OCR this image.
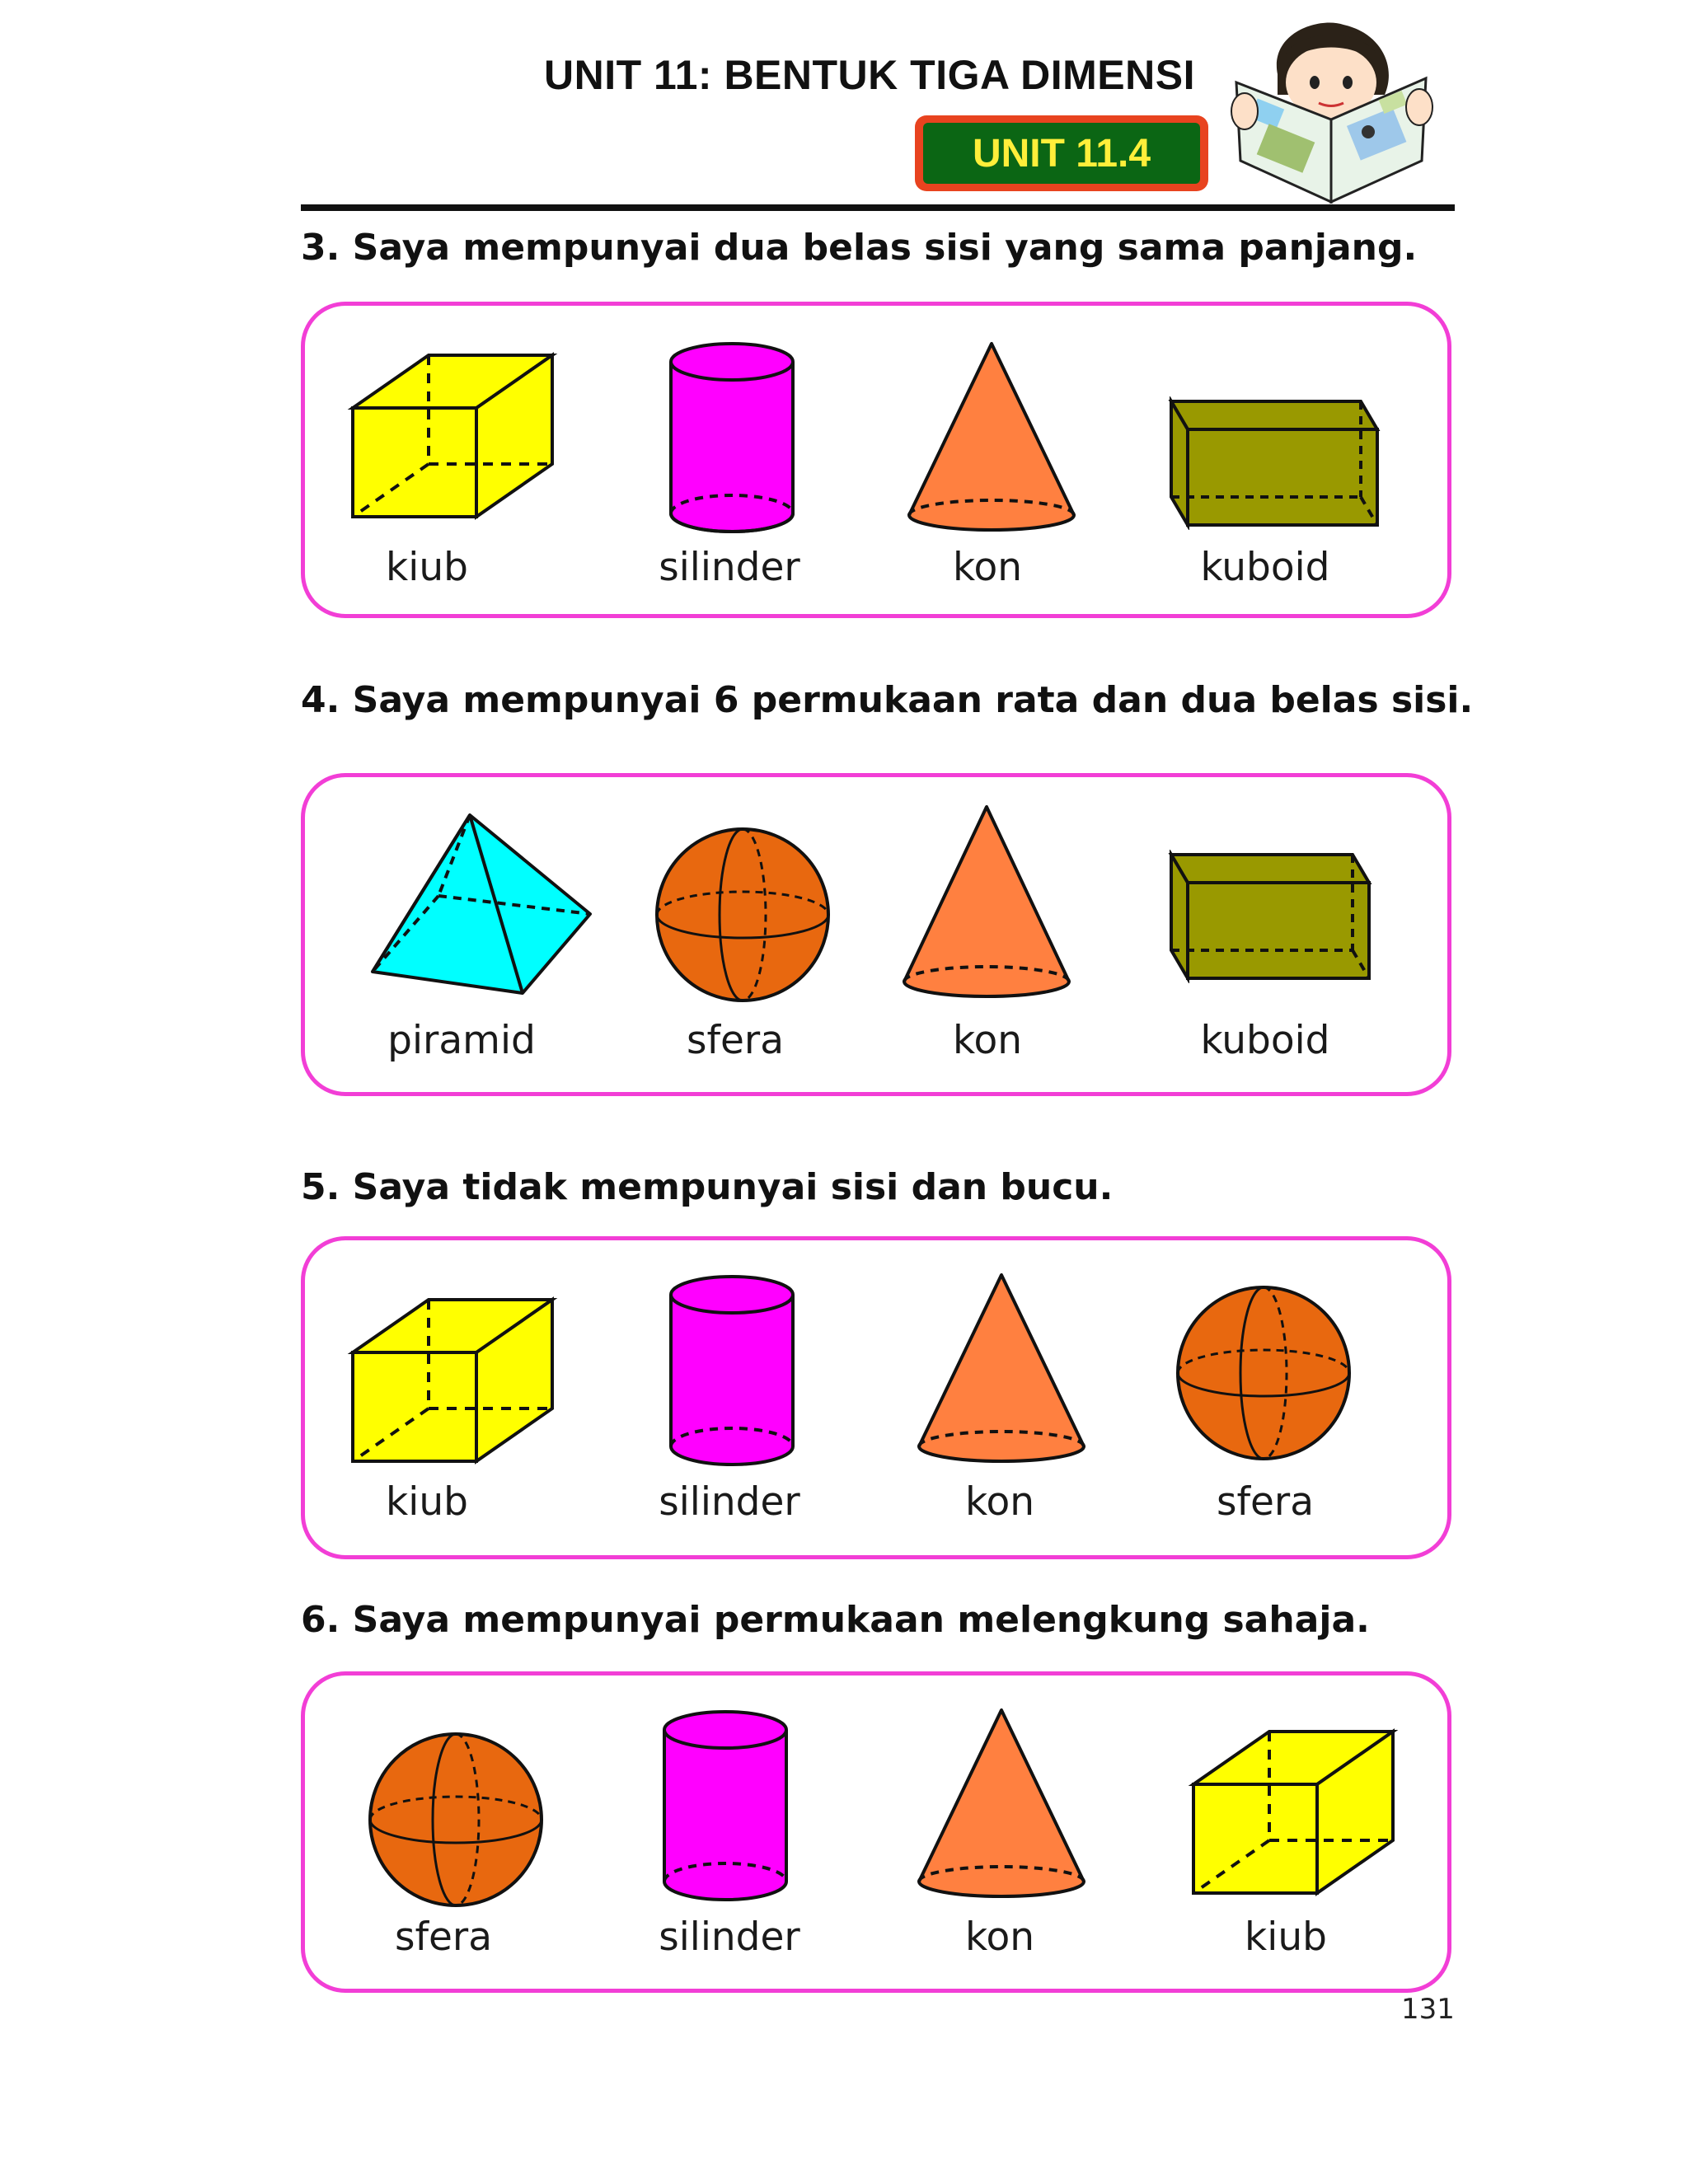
UNIT 11: BENTUK TIGA DIMENSI
UNIT 11.4
3. Saya mempunyai dua belas sisi yang sama panjang.
kiub	silinder	kon	kuboid
4. Saya mempunyai 6 permukaan rata dan dua belas sisi.
piramid	sfera	kon	kuboid
5. Saya tidak mempunyai sisi dan bucu.
kiub	silinder	kon	sfera
6. Saya mempunyai permukaan melengkung sahaja.
sfera	silinder	kon	kiub
131
